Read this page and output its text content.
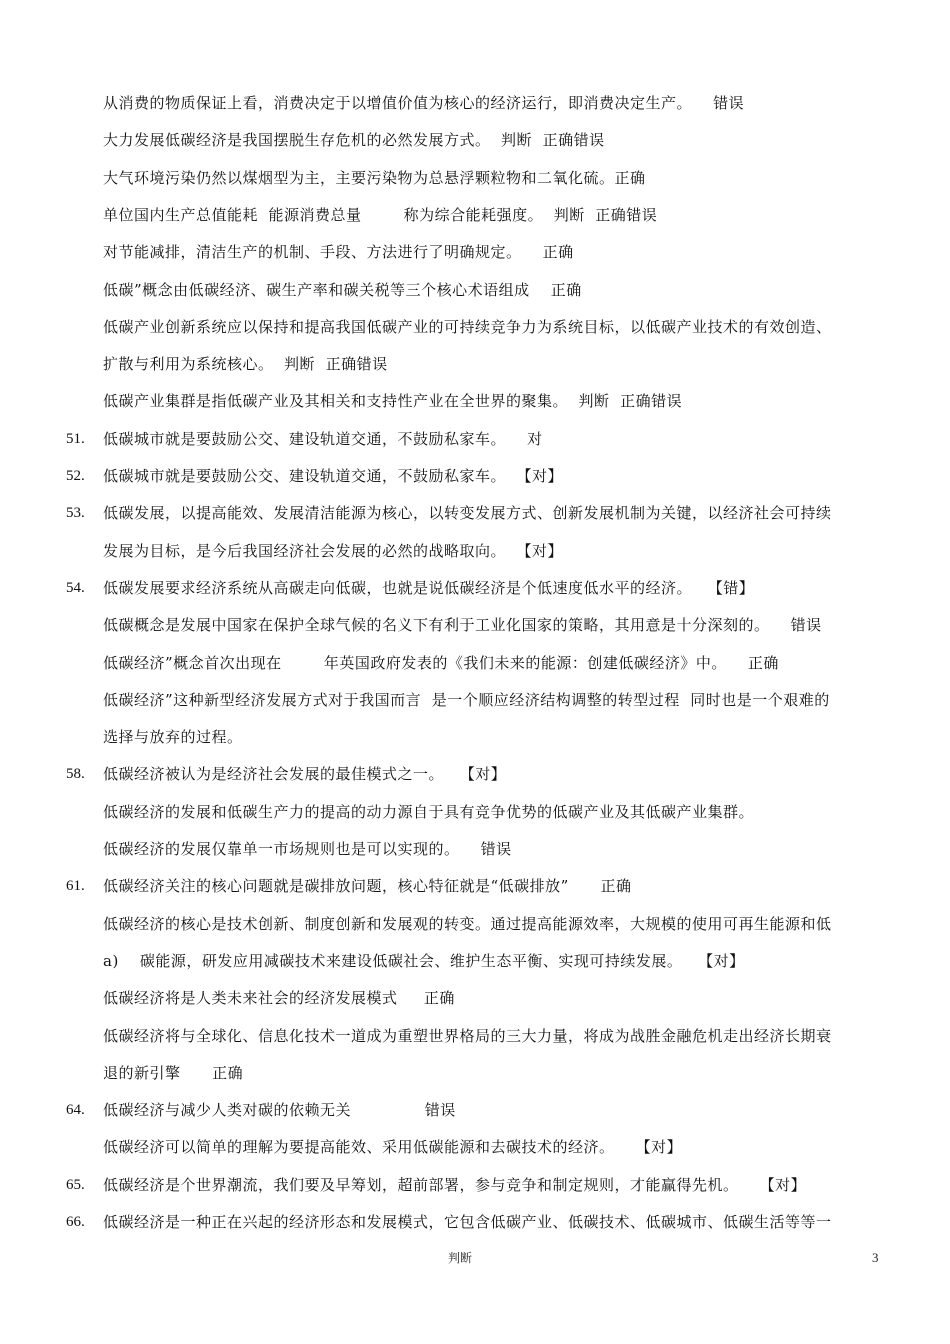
从消费的物质保证上看，消费决定于以增值价值为核心的经济运行，即消费决定生产。    错误
大力发展低碳经济是我国摆脱生存危机的必然发展方式。  判断  正确错误
大气环境污染仍然以煤烟型为主，主要污染物为总悬浮颗粒物和二氧化硫。正确
单位国内生产总值能耗  能源消费总量        称为综合能耗强度。  判断  正确错误
对节能减排，清洁生产的机制、手段、方法进行了明确规定。    正确
低碳”概念由低碳经济、碳生产率和碳关税等三个核心术语组成    正确
低碳产业创新系统应以保持和提高我国低碳产业的可持续竞争力为系统目标，以低碳产业技术的有效创造、
扩散与利用为系统核心。  判断  正确错误
低碳产业集群是指低碳产业及其相关和支持性产业在全世界的聚集。  判断  正确错误
51.	低碳城市就是要鼓励公交、建设轨道交通，不鼓励私家车。    对
52.	低碳城市就是要鼓励公交、建设轨道交通，不鼓励私家车。  【对】
53.	低碳发展，以提高能效、发展清洁能源为核心，以转变发展方式、创新发展机制为关键，以经济社会可持续
发展为目标，是今后我国经济社会发展的必然的战略取向。  【对】
54.	低碳发展要求经济系统从高碳走向低碳，也就是说低碳经济是个低速度低水平的经济。   【错】
低碳概念是发展中国家在保护全球气候的名义下有利于工业化国家的策略，其用意是十分深刻的。    错误
低碳经济”概念首次出现在        年英国政府发表的《我们未来的能源：创建低碳经济》中。    正确
低碳经济”这种新型经济发展方式对于我国而言  是一个顺应经济结构调整的转型过程  同时也是一个艰难的
选择与放弃的过程。
58.	低碳经济被认为是经济社会发展的最佳模式之一。   【对】
低碳经济的发展和低碳生产力的提高的动力源自于具有竞争优势的低碳产业及其低碳产业集群。
低碳经济的发展仅靠单一市场规则也是可以实现的。    错误
61.	低碳经济关注的核心问题就是碳排放问题，核心特征就是“低碳排放”      正确
低碳经济的核心是技术创新、制度创新和发展观的转变。通过提高能源效率，大规模的使用可再生能源和低
a)    碳能源，研发应用减碳技术来建设低碳社会、维护生态平衡、实现可持续发展。   【对】
低碳经济将是人类未来社会的经济发展模式     正确
低碳经济将与全球化、信息化技术一道成为重塑世界格局的三大力量，将成为战胜金融危机走出经济长期衰
退的新引擎      正确
64.	低碳经济与减少人类对碳的依赖无关              错误
低碳经济可以简单的理解为要提高能效、采用低碳能源和去碳技术的经济。    【对】
65.	低碳经济是个世界潮流，我们要及早筹划，超前部署，参与竞争和制定规则，才能赢得先机。    【对】
66.	低碳经济是一种正在兴起的经济形态和发展模式，它包含低碳产业、低碳技术、低碳城市、低碳生活等等一
判断	3
